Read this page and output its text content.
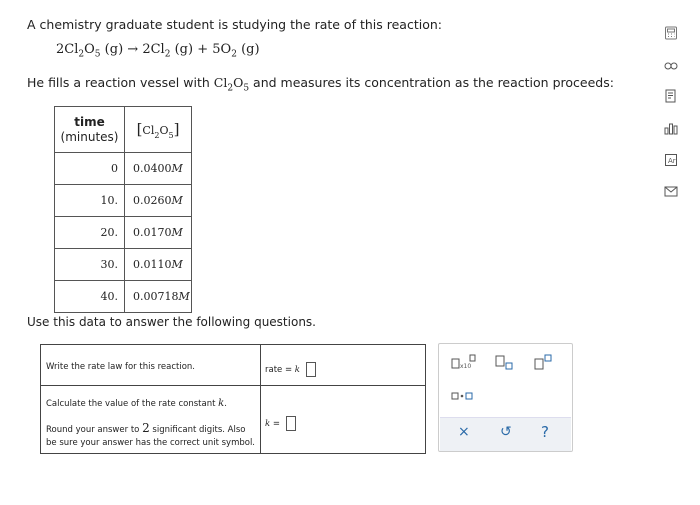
A chemistry graduate student is studying the rate of this reaction:
$2Cl_2O_5$ $(g) \to 2Cl_2$ $(g) + 5O_2$ (g)
He fills a reaction vessel with $Cl_2O_5$ and measures its concentration as the reaction proceeds:
time
(minutes)	$[Cl_2O_5]$
0	0.0400M
10.	0.0260M
20.	0.0170M
30.	0.0110M
40.	0.00718M
Use this data to answer the following questions.
Write the rate law for this reaction.	rate = k
Calculate the value of the rate constant k.
Round your answer to 2 significant digits. Also be sure your answer has the correct unit symbol.
k =
x10
× ↺ ?
Ar
